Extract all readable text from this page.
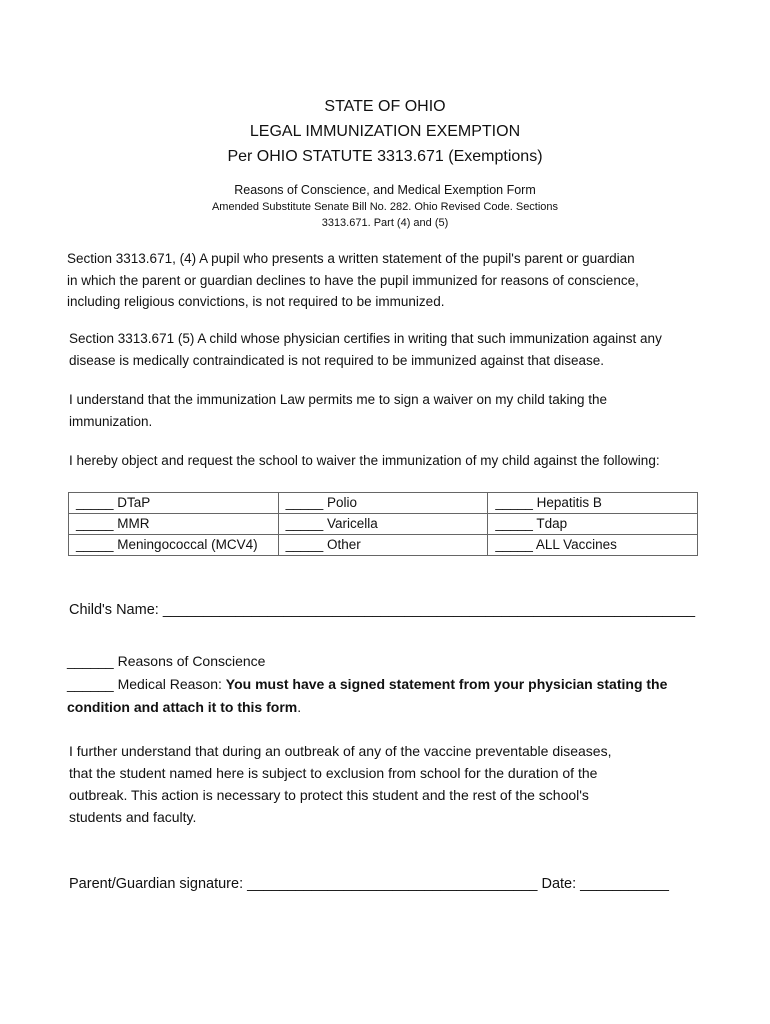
STATE OF OHIO
LEGAL IMMUNIZATION EXEMPTION
Per OHIO STATUTE 3313.671 (Exemptions)
Reasons of Conscience, and Medical Exemption Form
Amended Substitute Senate Bill No. 282. Ohio Revised Code. Sections
3313.671. Part (4) and (5)

Section 3313.671, (4) A pupil who presents a written statement of the pupil's parent or guardian

in which the parent or guardian declines to have the pupil immunized for reasons of conscience,

including religious convictions, is not required to be immunized.

Section 3313.671 (5) A child whose physician certifies in writing that such immunization against any

disease is medically contraindicated is not required to be immunized against that disease.

I understand that the immunization Law permits me to sign a waiver on my child taking the

immunization.

I hereby object and request the school to waiver the immunization of my child against the following:

_____ DTaP	_____ Polio	_____ Hepatitis B
_____ MMR	_____ Varicella	_____ Tdap
_____ Meningococcal (MCV4)	_____ Other	_____ ALL Vaccines

Child's Name: __________________________________________________________________

______ Reasons of Conscience

______ Medical Reason: You must have a signed statement from your physician stating the

condition and attach it to this form.

I further understand that during an outbreak of any of the vaccine preventable diseases,

that the student named here is subject to exclusion from school for the duration of the

outbreak. This action is necessary to protect this student and the rest of the school's

students and faculty.

Parent/Guardian signature: ____________________________________ Date: ___________
